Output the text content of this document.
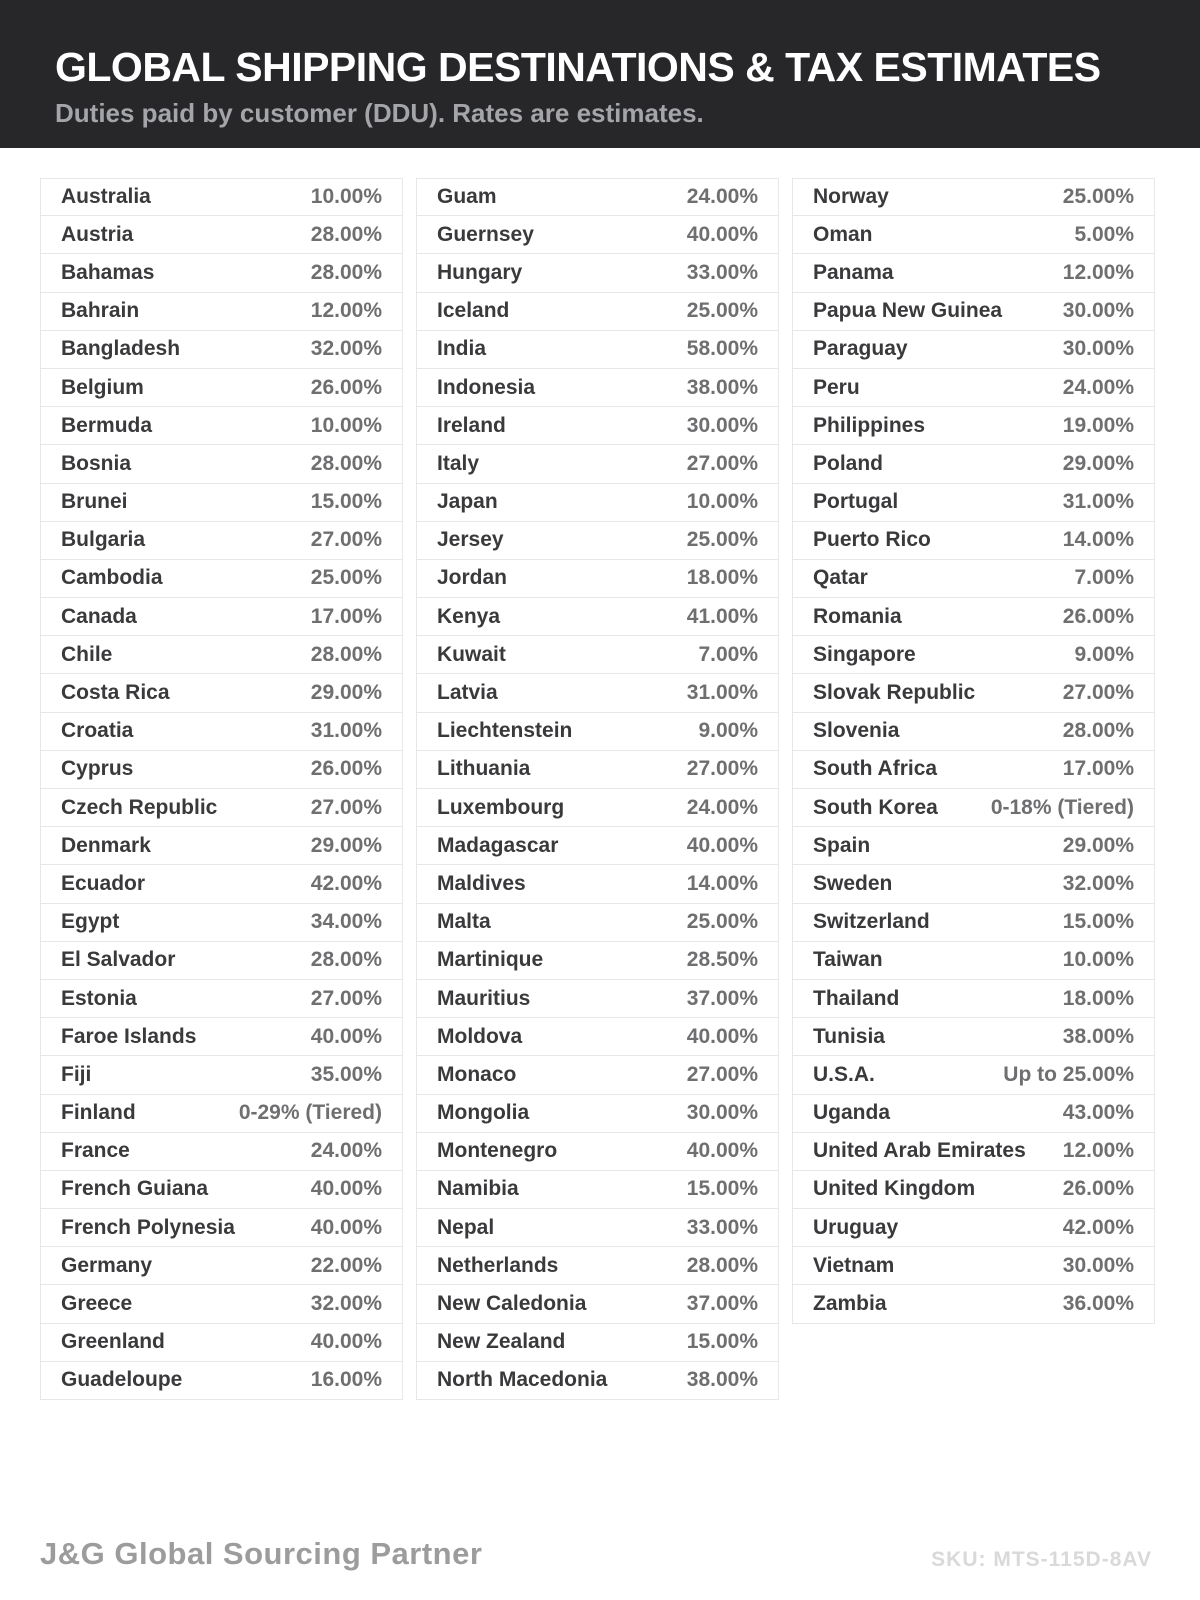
GLOBAL SHIPPING DESTINATIONS & TAX ESTIMATES

Duties paid by customer (DDU). Rates are estimates.

Australia	10.00%
Austria	28.00%
Bahamas	28.00%
Bahrain	12.00%
Bangladesh	32.00%
Belgium	26.00%
Bermuda	10.00%
Bosnia	28.00%
Brunei	15.00%
Bulgaria	27.00%
Cambodia	25.00%
Canada	17.00%
Chile	28.00%
Costa Rica	29.00%
Croatia	31.00%
Cyprus	26.00%
Czech Republic	27.00%
Denmark	29.00%
Ecuador	42.00%
Egypt	34.00%
El Salvador	28.00%
Estonia	27.00%
Faroe Islands	40.00%
Fiji	35.00%
Finland	0-29% (Tiered)
France	24.00%
French Guiana	40.00%
French Polynesia	40.00%
Germany	22.00%
Greece	32.00%
Greenland	40.00%
Guadeloupe	16.00%
Guam	24.00%
Guernsey	40.00%
Hungary	33.00%
Iceland	25.00%
India	58.00%
Indonesia	38.00%
Ireland	30.00%
Italy	27.00%
Japan	10.00%
Jersey	25.00%
Jordan	18.00%
Kenya	41.00%
Kuwait	7.00%
Latvia	31.00%
Liechtenstein	9.00%
Lithuania	27.00%
Luxembourg	24.00%
Madagascar	40.00%
Maldives	14.00%
Malta	25.00%
Martinique	28.50%
Mauritius	37.00%
Moldova	40.00%
Monaco	27.00%
Mongolia	30.00%
Montenegro	40.00%
Namibia	15.00%
Nepal	33.00%
Netherlands	28.00%
New Caledonia	37.00%
New Zealand	15.00%
North Macedonia	38.00%
Norway	25.00%
Oman	5.00%
Panama	12.00%
Papua New Guinea	30.00%
Paraguay	30.00%
Peru	24.00%
Philippines	19.00%
Poland	29.00%
Portugal	31.00%
Puerto Rico	14.00%
Qatar	7.00%
Romania	26.00%
Singapore	9.00%
Slovak Republic	27.00%
Slovenia	28.00%
South Africa	17.00%
South Korea	0-18% (Tiered)
Spain	29.00%
Sweden	32.00%
Switzerland	15.00%
Taiwan	10.00%
Thailand	18.00%
Tunisia	38.00%
U.S.A.	Up to 25.00%
Uganda	43.00%
United Arab Emirates	12.00%
United Kingdom	26.00%
Uruguay	42.00%
Vietnam	30.00%
Zambia	36.00%
J&G Global Sourcing Partner	SKU: MTS-115D-8AV
